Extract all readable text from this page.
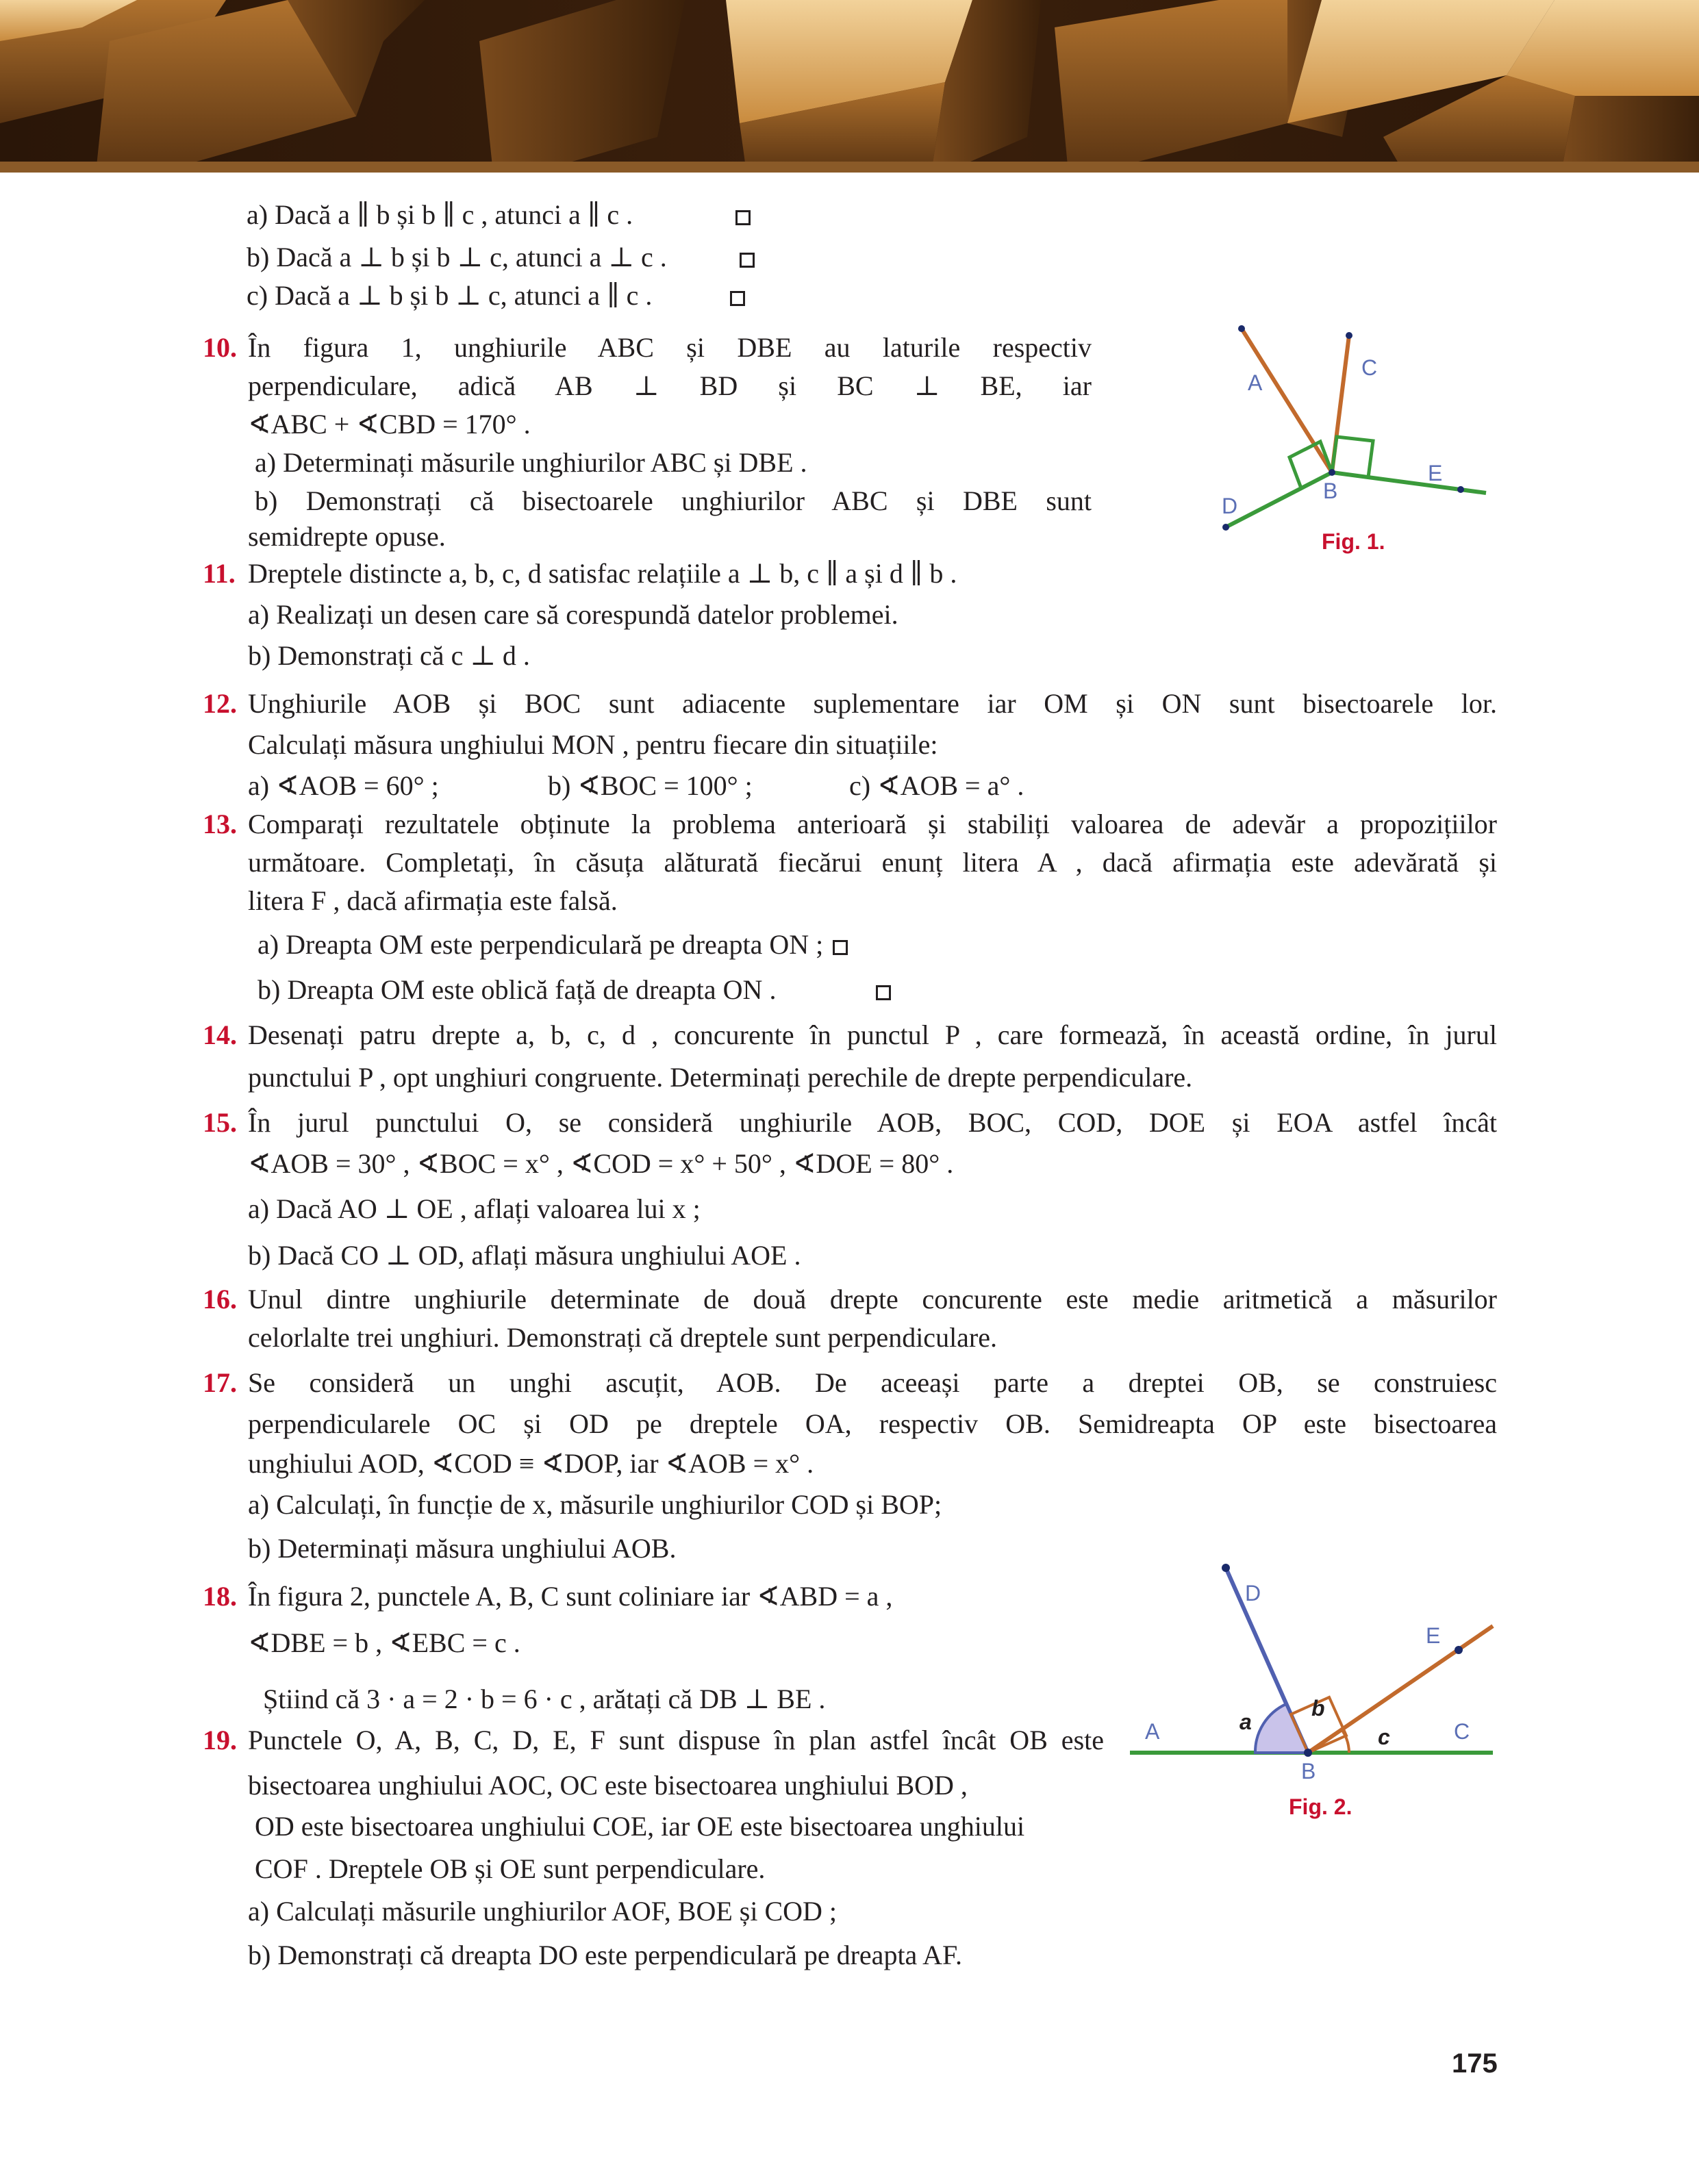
a) Dacă a ∥ b și b ∥ c , atunci a ∥ c .
b) Dacă a ⊥ b și b ⊥ c, atunci a ⊥ c .
c) Dacă a ⊥ b și b ⊥ c, atunci a ∥ c .
10. În figura 1, unghiurile ABC și DBE au laturile respectiv
perpendiculare, adică AB ⊥ BD și BC ⊥ BE, iar
∢ABC + ∢CBD = 170° .
a) Determinați măsurile unghiurilor ABC și DBE .
b) Demonstrați că bisectoarele unghiurilor ABC și DBE sunt
semidrepte opuse.
A
C
B
D
E
Fig. 1.
11. Dreptele distincte a, b, c, d satisfac relațiile a ⊥ b, c ∥ a și d ∥ b .
a) Realizați un desen care să corespundă datelor problemei.
b) Demonstrați că c ⊥ d .
12. Unghiurile AOB și BOC sunt adiacente suplementare iar OM și ON sunt bisectoarele lor.
Calculați măsura unghiului MON , pentru fiecare din situațiile:
a) ∢AOB = 60° ;	b) ∢BOC = 100° ;	c) ∢AOB = a° .
13. Comparați rezultatele obținute la problema anterioară și stabiliți valoarea de adevăr a propozițiilor
următoare. Completați, în căsuța alăturată fiecărui enunț litera A , dacă afirmația este adevărată și
litera F , dacă afirmația este falsă.
a) Dreapta OM este perpendiculară pe dreapta ON ;
b) Dreapta OM este oblică față de dreapta ON .
14. Desenați patru drepte a, b, c, d , concurente în punctul P , care formează, în această ordine, în jurul
punctului P , opt unghiuri congruente. Determinați perechile de drepte perpendiculare.
15. În jurul punctului O, se consideră unghiurile AOB, BOC, COD, DOE și EOA astfel încât
∢AOB = 30° , ∢BOC = x° , ∢COD = x° + 50° , ∢DOE = 80° .
a) Dacă AO ⊥ OE , aflați valoarea lui x ;
b) Dacă CO ⊥ OD, aflați măsura unghiului AOE .
16. Unul dintre unghiurile determinate de două drepte concurente este medie aritmetică a măsurilor
celorlalte trei unghiuri. Demonstrați că dreptele sunt perpendiculare.
17. Se consideră un unghi ascuțit, AOB. De aceeași parte a dreptei OB, se construiesc
perpendicularele OC și OD pe dreptele OA, respectiv OB. Semidreapta OP este bisectoarea
unghiului AOD, ∢COD ≡ ∢DOP, iar ∢AOB = x° .
a) Calculați, în funcție de x, măsurile unghiurilor COD și BOP;
b) Determinați măsura unghiului AOB.
18. În figura 2, punctele A, B, C sunt coliniare iar ∢ABD = a ,
∢DBE = b , ∢EBC = c .
Știind că 3 · a = 2 · b = 6 · c , arătați că DB ⊥ BE .
D
E
A	C
B
a
b
c
Fig. 2.
19. Punctele O, A, B, C, D, E, F sunt dispuse în plan astfel încât OB este
bisectoarea unghiului AOC, OC este bisectoarea unghiului BOD ,
OD este bisectoarea unghiului COE, iar OE este bisectoarea unghiului
COF . Dreptele OB și OE sunt perpendiculare.
a) Calculați măsurile unghiurilor AOF, BOE și COD ;
b) Demonstrați că dreapta DO este perpendiculară pe dreapta AF.
175
